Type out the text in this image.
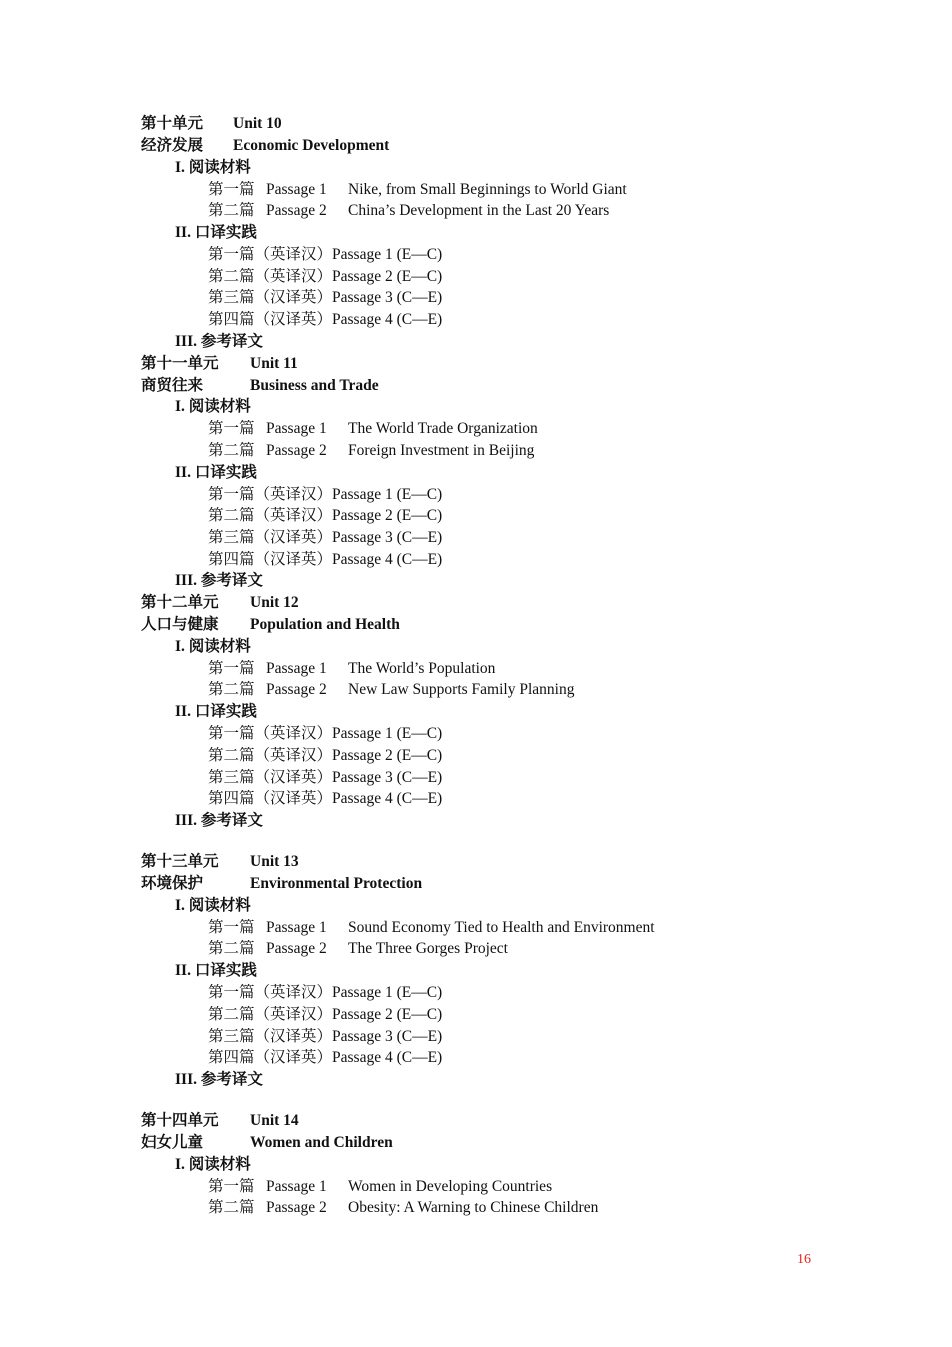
第十单元 Unit 10
经济发展 Economic Development
I. 阅读材料
第一篇 Passage 1 Nike, from Small Beginnings to World Giant
第二篇 Passage 2 China’s Development in the Last 20 Years
II. 口译实践
第一篇（英译汉）Passage 1 (E—C)
第二篇（英译汉）Passage 2 (E—C)
第三篇（汉译英）Passage 3 (C—E)
第四篇（汉译英）Passage 4 (C—E)
III. 参考译文
第十一单元 Unit 11
商贸往来	Business and Trade
I. 阅读材料
第一篇 Passage 1 The World Trade Organization
第二篇 Passage 2 Foreign Investment in Beijing
II. 口译实践
第一篇（英译汉）Passage 1 (E—C)
第二篇（英译汉）Passage 2 (E—C)
第三篇（汉译英）Passage 3 (C—E)
第四篇（汉译英）Passage 4 (C—E)
III. 参考译文
第十二单元 Unit 12
人口与健康 Population and Health
I. 阅读材料
第一篇 Passage 1 The World’s Population
第二篇 Passage 2 New Law Supports Family Planning
II. 口译实践
第一篇（英译汉）Passage 1 (E—C)
第二篇（英译汉）Passage 2 (E—C)
第三篇（汉译英）Passage 3 (C—E)
第四篇（汉译英）Passage 4 (C—E)
III. 参考译文
第十三单元 Unit 13
环境保护	Environmental Protection
I. 阅读材料
第一篇 Passage 1 Sound Economy Tied to Health and Environment
第二篇 Passage 2 The Three Gorges Project
II. 口译实践
第一篇（英译汉）Passage 1 (E—C)
第二篇（英译汉）Passage 2 (E—C)
第三篇（汉译英）Passage 3 (C—E)
第四篇（汉译英）Passage 4 (C—E)
III. 参考译文
第十四单元 Unit 14
妇女儿童	Women and Children
I. 阅读材料
第一篇 Passage 1 Women in Developing Countries
第二篇 Passage 2 Obesity: A Warning to Chinese Children
16
